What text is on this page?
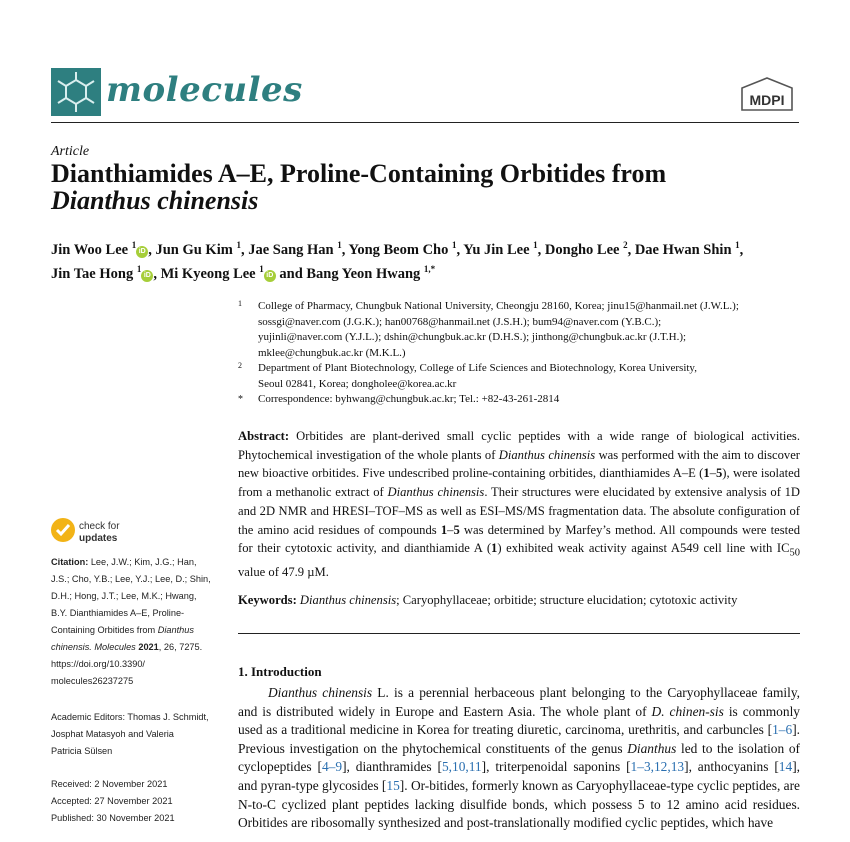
molecules	MDPI
Article
Dianthiamides A–E, Proline-Containing Orbitides from
Dianthus chinensis
Jin Woo Lee $^1$iD , Jun Gu Kim $^1$, Jae Sang Han $^1$, Yong Beom Cho $^1$, Yu Jin Lee $^1$, Dongho Lee $^2$, Dae Hwan Shin $^1$,
Jin Tae Hong $^1$iD , Mi Kyeong Lee $^1$iD and Bang Yeon Hwang $^{1,*}$
1 College of Pharmacy, Chungbuk National University, Cheongju 28160, Korea; jinu15@hanmail.net (J.W.L.);
sossgi@naver.com (J.G.K.); han00768@hanmail.net (J.S.H.); bum94@naver.com (Y.B.C.);
yujinli@naver.com (Y.J.L.); dshin@chungbuk.ac.kr (D.H.S.); jinthong@chungbuk.ac.kr (J.T.H.);
mklee@chungbuk.ac.kr (M.K.L.)
2 Department of Plant Biotechnology, College of Life Sciences and Biotechnology, Korea University,
Seoul 02841, Korea; dongholee@korea.ac.kr
* Correspondence: byhwang@chungbuk.ac.kr; Tel.: +82-43-261-2814
Abstract: Orbitides are plant-derived small cyclic peptides with a wide range of biological activities. Phytochemical investigation of the whole plants of Dianthus chinensis was performed with the aim to discover new bioactive orbitides. Five undescribed proline-containing orbitides, dianthiamides A–E (1–5), were isolated from a methanolic extract of Dianthus chinensis. Their structures were elucidated by extensive analysis of 1D and 2D NMR and HRESI–TOF–MS as well as ESI–MS/MS fragmentation data. The absolute configuration of the amino acid residues of compounds 1–5 was determined by Marfey’s method. All compounds were tested for their cytotoxic activity, and dianthiamide A (1) exhibited weak activity against A549 cell line with $IC_{50}$ value of 47.9 µM.
Keywords: Dianthus chinensis; Caryophyllaceae; orbitide; structure elucidation; cytotoxic activity
1. Introduction
Dianthus chinensis L. is a perennial herbaceous plant belonging to the Caryophyllaceae family, and is distributed widely in Europe and Eastern Asia. The whole plant of D. chinen-sis is commonly used as a traditional medicine in Korea for treating diuretic, carcinoma, urethritis, and carbuncles [1–6]. Previous investigation on the phytochemical constituents of the genus Dianthus led to the isolation of cyclopeptides [4–9], dianthramides [5,10,11], triterpenoidal saponins [1–3,12,13], anthocyanins [14], and pyran-type glycosides [15]. Or-bitides, formerly known as Caryophyllaceae-type cyclic peptides, are N-to-C cyclized plant peptides lacking disulfide bonds, which possess 5 to 12 amino acid residues. Orbitides are ribosomally synthesized and post-translationally modified cyclic peptides, which have
check for
updates
Citation: Lee, J.W.; Kim, J.G.; Han,
J.S.; Cho, Y.B.; Lee, Y.J.; Lee, D.; Shin,
D.H.; Hong, J.T.; Lee, M.K.; Hwang,
B.Y. Dianthiamides A–E, Proline-
Containing Orbitides from Dianthus
chinensis. Molecules 2021, 26, 7275.
https://doi.org/10.3390/
molecules26237275
Academic Editors: Thomas J. Schmidt,
Josphat Matasyoh and Valeria
Patricia Sülsen
Received: 2 November 2021
Accepted: 27 November 2021
Published: 30 November 2021
